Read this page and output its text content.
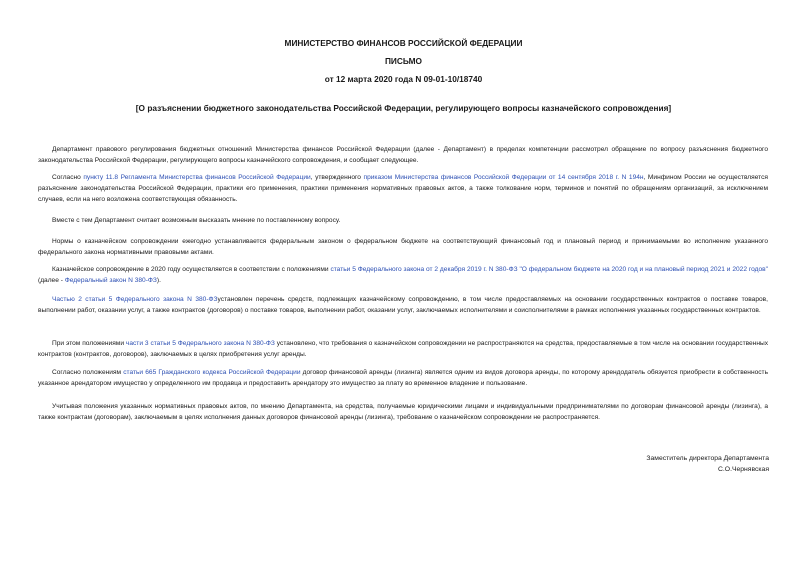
МИНИСТЕРСТВО ФИНАНСОВ РОССИЙСКОЙ ФЕДЕРАЦИИ
ПИСЬМО
от 12 марта 2020 года N 09-01-10/18740
[О разъяснении бюджетного законодательства Российской Федерации, регулирующего вопросы казначейского сопровождения]
Департамент правового регулирования бюджетных отношений Министерства финансов Российской Федерации (далее - Департамент) в пределах компетенции рассмотрел обращение по вопросу разъяснения бюджетного законодательства Российской Федерации, регулирующего вопросы казначейского сопровождения, и сообщает следующее.
Согласно пункту 11.8 Регламента Министерства финансов Российской Федерации, утвержденного приказом Министерства финансов Российской Федерации от 14 сентября 2018 г. N 194н, Минфином России не осуществляется разъяснение законодательства Российской Федерации, практики его применения, практики применения нормативных правовых актов, а также толкование норм, терминов и понятий по обращениям организаций, за исключением случаев, если на него возложена соответствующая обязанность.
Вместе с тем Департамент считает возможным высказать мнение по поставленному вопросу.
Нормы о казначейском сопровождении ежегодно устанавливается федеральным законом о федеральном бюджете на соответствующий финансовый год и плановый период и принимаемыми во исполнение указанного федерального закона нормативными правовыми актами.
Казначейское сопровождение в 2020 году осуществляется в соответствии с положениями статьи 5 Федерального закона от 2 декабря 2019 г. N 380-ФЗ "О федеральном бюджете на 2020 год и на плановый период 2021 и 2022 годов" (далее - Федеральный закон N 380-ФЗ).
Частью 2 статьи 5 Федерального закона N 380-ФЗустановлен перечень средств, подлежащих казначейскому сопровождению, в том числе предоставляемых на основании государственных контрактов о поставке товаров, выполнении работ, оказании услуг, а также контрактов (договоров) о поставке товаров, выполнении работ, оказании услуг, заключаемых исполнителями и соисполнителями в рамках исполнения указанных государственных контрактов.
При этом положениями части 3 статьи 5 Федерального закона N 380-ФЗ установлено, что требования о казначейском сопровождении не распространяются на средства, предоставляемые в том числе на основании государственных контрактов (контрактов, договоров), заключаемых в целях приобретения услуг аренды.
Согласно положениям статьи 665 Гражданского кодекса Российской Федерации договор финансовой аренды (лизинга) является одним из видов договора аренды, по которому арендодатель обязуется приобрести в собственность указанное арендатором имущество у определенного им продавца и предоставить арендатору это имущество за плату во временное владение и пользование.
Учитывая положения указанных нормативных правовых актов, по мнению Департамента, на средства, получаемые юридическими лицами и индивидуальными предпринимателями по договорам финансовой аренды (лизинга), а также контрактам (договорам), заключаемым в целях исполнения данных договоров финансовой аренды (лизинга), требование о казначейском сопровождении не распространяется.
Заместитель директора Департамента
С.О.Чернявская
